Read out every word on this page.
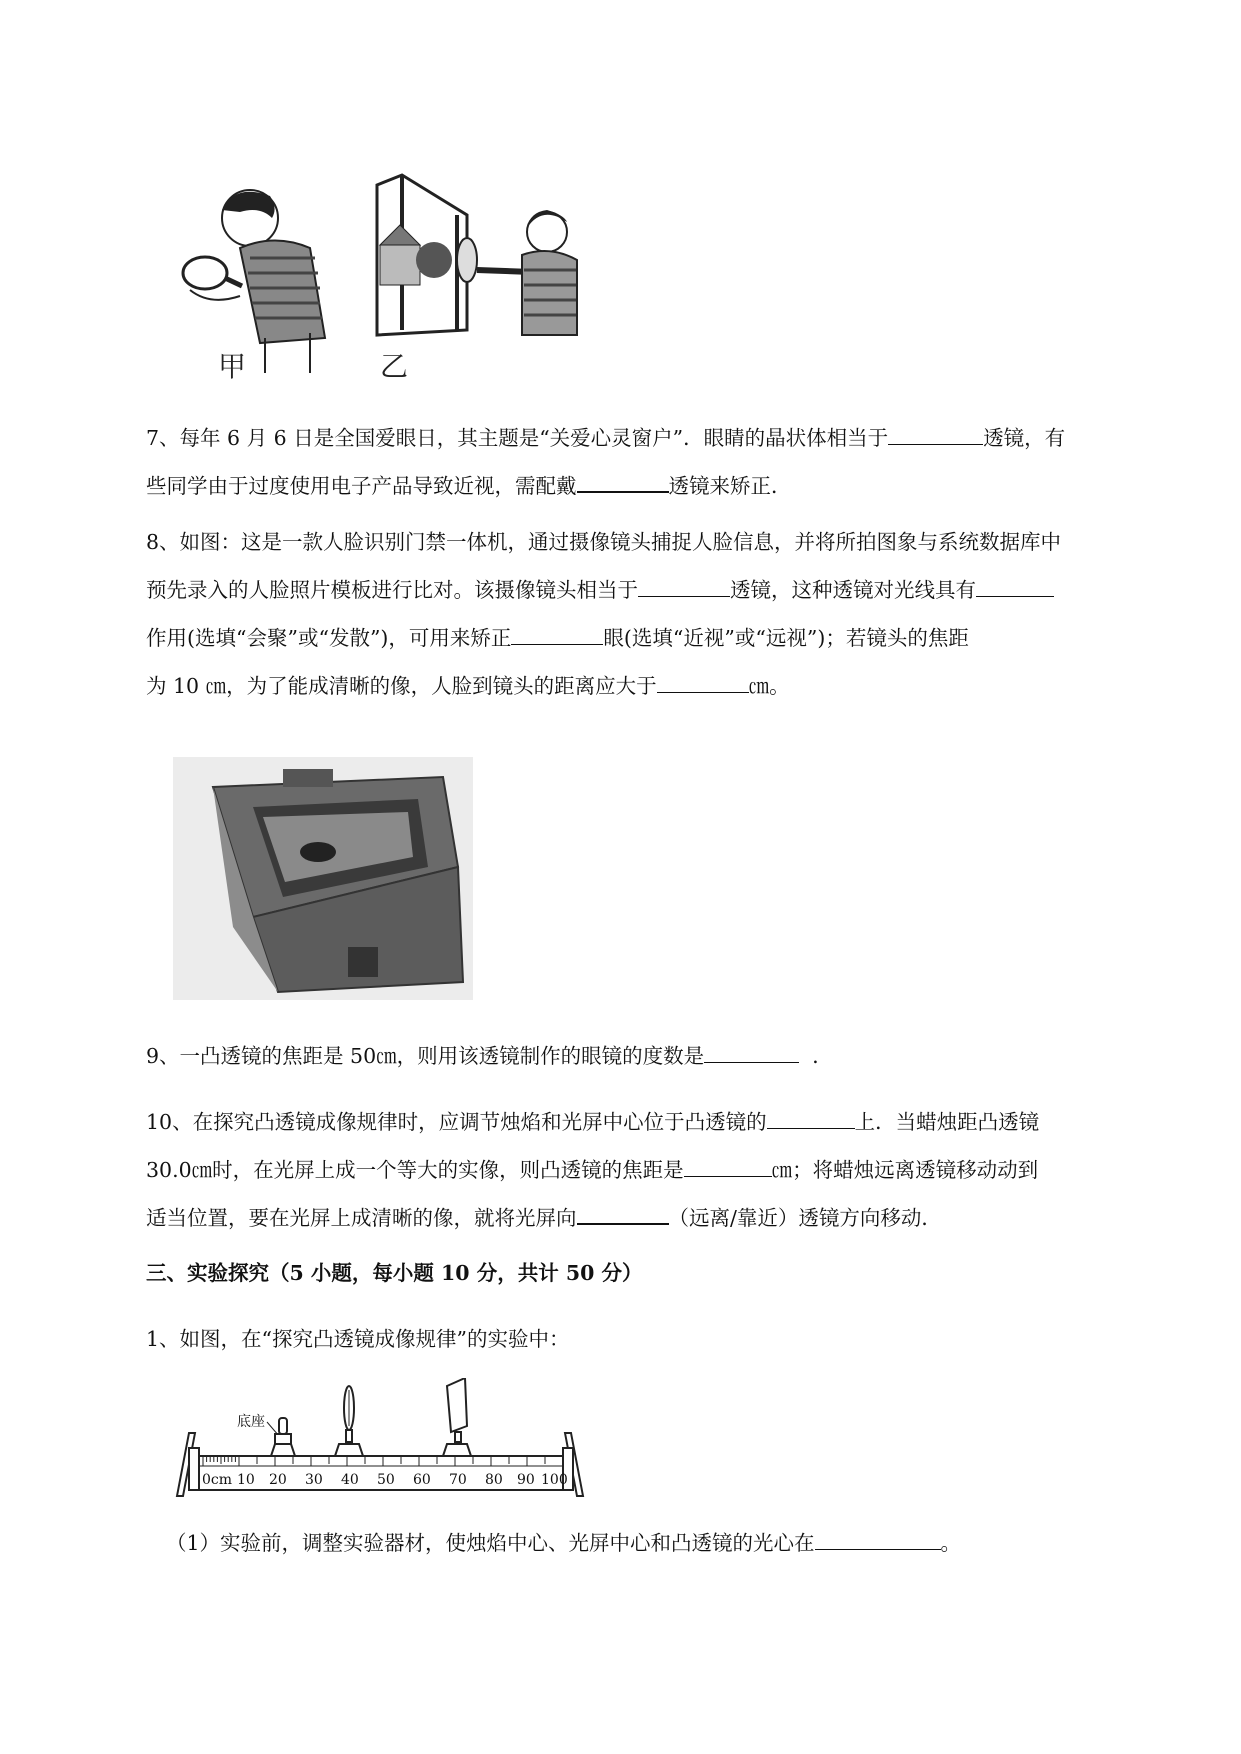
甲	乙

7、每年 6 月 6 日是全国爱眼日，其主题是“关爱心灵窗户”．眼睛的晶状体相当于	透镜，有

些同学由于过度使用电子产品导致近视，需配戴	透镜来矫正．

8、如图：这是一款人脸识别门禁一体机，通过摄像镜头捕捉人脸信息，并将所拍图象与系统数据库中

预先录入的人脸照片模板进行比对。该摄像镜头相当于	透镜，这种透镜对光线具有

作用(选填“会聚”或“发散”)，可用来矫正	眼(选填“近视”或“远视”)；若镜头的焦距

为 10 ㎝，为了能成清晰的像，人脸到镜头的距离应大于	㎝。

9、一凸透镜的焦距是 50㎝，则用该透镜制作的眼镜的度数是	．

10、在探究凸透镜成像规律时，应调节烛焰和光屏中心位于凸透镜的	上．当蜡烛距凸透镜

30.0㎝时，在光屏上成一个等大的实像，则凸透镜的焦距是	㎝；将蜡烛远离透镜移动动到

适当位置，要在光屏上成清晰的像，就将光屏向	（远离/靠近）透镜方向移动．

三、实验探究（5 小题，每小题 10 分，共计 50 分）
1、如图，在“探究凸透镜成像规律”的实验中：
0cm 10 20 30 40 50 60 70 80 90 100
底座
（1）实验前，调整实验器材，使烛焰中心、光屏中心和凸透镜的光心在	。
